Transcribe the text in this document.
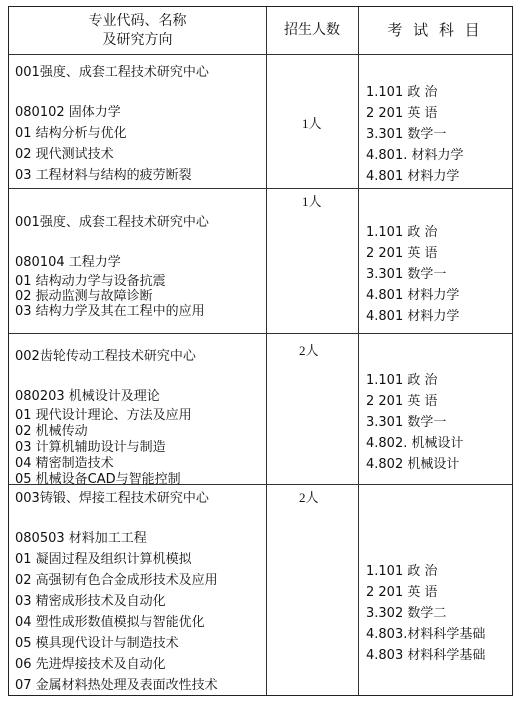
专业代码、名称
及研究方向
招生人数	考 试 科 目
001强度、成套工程技术研究中心
080102 固体力学
01 结构分析与优化
02 现代测试技术
03 工程材料与结构的疲劳断裂
1人
1.101 政 治
2 201 英 语
3.301 数学一
4.801. 材料力学
4.801 材料力学
001强度、成套工程技术研究中心
080104 工程力学
01 结构动力学与设备抗震
02 振动监测与故障诊断
03 结构力学及其在工程中的应用
1人
1.101 政 治
2 201 英 语
3.301 数学一
4.801 材料力学
4.801 材料力学
002齿轮传动工程技术研究中心
080203 机械设计及理论
01 现代设计理论、方法及应用
02 机械传动
03 计算机辅助设计与制造
04 精密制造技术
05 机械设备CAD与智能控制
2人
1.101 政 治
2 201 英 语
3.301 数学一
4.802. 机械设计
4.802 机械设计
003铸锻、焊接工程技术研究中心
080503 材料加工工程
01 凝固过程及组织计算机模拟
02 高强韧有色合金成形技术及应用
03 精密成形技术及自动化
04 塑性成形数值模拟与智能优化
05 模具现代设计与制造技术
06 先进焊接技术及自动化
07 金属材料热处理及表面改性技术
2人
1.101 政 治
2 201 英 语
3.302 数学二
4.803.材料科学基础
4.803 材料科学基础
